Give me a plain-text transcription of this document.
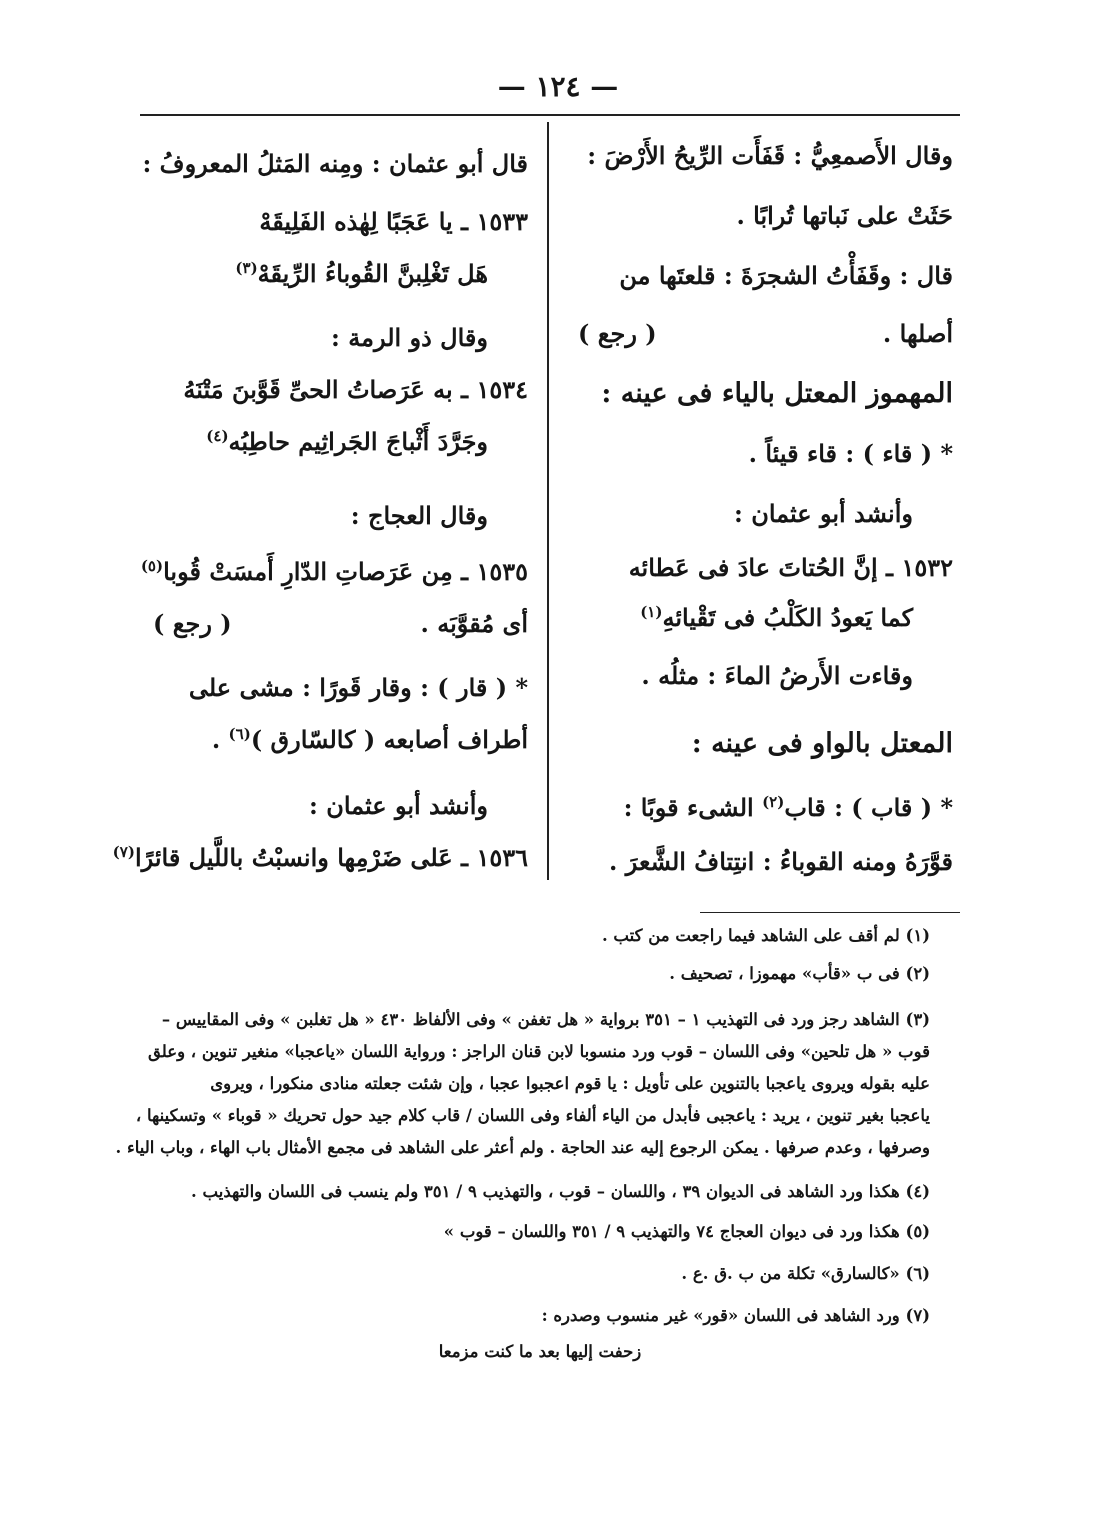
— ١٢٤ —
وقال الأَصمعِيُّ : قَفَأَت الرِّيحُ الأَرْضَ :
حَثَتْ على نَباتها تُرابًا .
قال : وقَفَأْتُ الشجرَةَ : قلعتَها من
أصلها .
( رجع )
المهموز المعتل بالياء فى عينه :
* ( قاء ) : قاء قيئاً .
وأنشد أبو عثمان :
١٥٣٢ ـ إنَّ الحُتاتَ عادَ فى عَطائه
كما يَعودُ الكَلْبُ فى تَقْيائهِ$^{(١)}$
وقاءت الأَرضُ الماءَ : مثلُه .
المعتل بالواو فى عينه :
* ( قاب ) : قاب$^{(٢)}$ الشىء قوبًا :
قوَّرَهُ ومنه القوباءُ : انتِتافُ الشَّعرَ .
قال أبو عثمان : ومِنه المَثلُ المعروفُ :
١٥٣٣ ـ يا عَجَبًا لِهٰذه الفَلِيقَهْ
هَل تَغْلِبنَّ القُوباءُ الرِّيقَهْ$^{(٣)}$
وقال ذو الرمة :
١٥٣٤ ـ به عَرَصاتُ الحىِّ قَوَّبنَ مَتْنَهُ
وجَرَّدَ أَثْباجَ الجَراثِيم حاطِبُه$^{(٤)}$
وقال العجاج :
١٥٣٥ ـ مِن عَرَصاتِ الدّارِ أَمسَتْ قُوبا$^{(٥)}$
أى مُقوَّبَه .
( رجع )
* ( قار ) : وقار قَورًا : مشى على
أطراف أصابعه ( كالسّارق )$^{(٦)}$ .
وأنشد أبو عثمان :
١٥٣٦ ـ عَلى ضَرْمِها وانسبْتُ باللَّيل قائرًا$^{(٧)}$
(١) لم أقف على الشاهد فيما راجعت من كتب .
(٢) فى ب «قأب» مهموزا ، تصحيف .
(٣) الشاهد رجز ورد فى التهذيب ١ – ٣٥١ برواية « هل تغفن » وفى الألفاظ ٤٣٠ « هل تغلبن » وفى المقاييس –
قوب « هل تلحين» وفى اللسان – قوب ورد منسوبا لابن قنان الراجز : ورواية اللسان «ياعجبا» منغير تنوين ، وعلق
عليه بقوله ويروى ياعجبا بالتنوين على تأويل : يا قوم اعجبوا عجبا ، وإن شئت جعلته منادى منكورا ، ويروى
ياعجبا بغير تنوين ، يريد : ياعجبى فأبدل من الياء ألفاء وفى اللسان / قاب كلام جيد حول تحريك « قوباء » وتسكينها ،
وصرفها ، وعدم صرفها . يمكن الرجوع إليه عند الحاجة . ولم أعثر على الشاهد فى مجمع الأمثال باب الهاء ، وباب الياء .
(٤) هكذا ورد الشاهد فى الديوان ٣٩ ، واللسان – قوب ، والتهذيب ٩ / ٣٥١ ولم ينسب فى اللسان والتهذيب .
(٥) هكذا ورد فى ديوان العجاج ٧٤ والتهذيب ٩ / ٣٥١ واللسان – قوب »
(٦) «كالسارق» تكلة من ب .ق .ع .
(٧) ورد الشاهد فى اللسان «قور» غير منسوب وصدره :
زحفت إليها بعد ما كنت مزمعا
